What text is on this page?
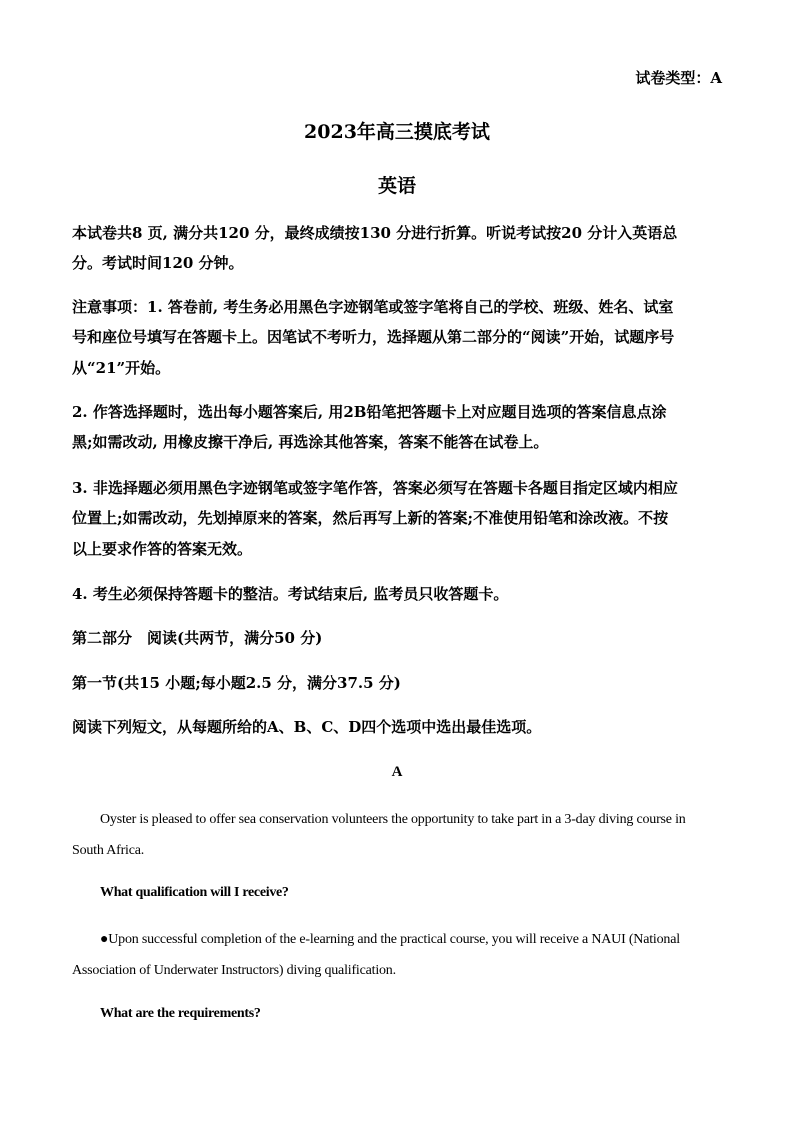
试卷类型：A
2023年高三摸底考试
英语
本试卷共8 页, 满分共120 分，最终成绩按130 分进行折算。听说考试按20 分计入英语总
分。考试时间120 分钟。
注意事项：1. 答卷前, 考生务必用黑色字迹钢笔或签字笔将自己的学校、班级、姓名、试室
号和座位号填写在答题卡上。因笔试不考听力，选择题从第二部分的“阅读”开始，试题序号
从“21”开始。
2. 作答选择题时，选出每小题答案后, 用2B铅笔把答题卡上对应题目选项的答案信息点涂
黑;如需改动, 用橡皮擦干净后, 再选涂其他答案，答案不能答在试卷上。
3. 非选择题必须用黑色字迹钢笔或签字笔作答，答案必须写在答题卡各题目指定区域内相应
位置上;如需改动，先划掉原来的答案，然后再写上新的答案;不准使用铅笔和涂改液。不按
以上要求作答的答案无效。
4. 考生必须保持答题卡的整洁。考试结束后, 监考员只收答题卡。
第二部分　阅读(共两节，满分50 分)
第一节(共15 小题;每小题2.5 分，满分37.5 分)
阅读下列短文，从每题所给的A、B、C、D四个选项中选出最佳选项。
A
Oyster is pleased to offer sea conservation volunteers the opportunity to take part in a 3-day diving course in
South Africa.
What qualification will I receive?
●Upon successful completion of the e-learning and the practical course, you will receive a NAUI (National
Association of Underwater Instructors) diving qualification.
What are the requirements?
